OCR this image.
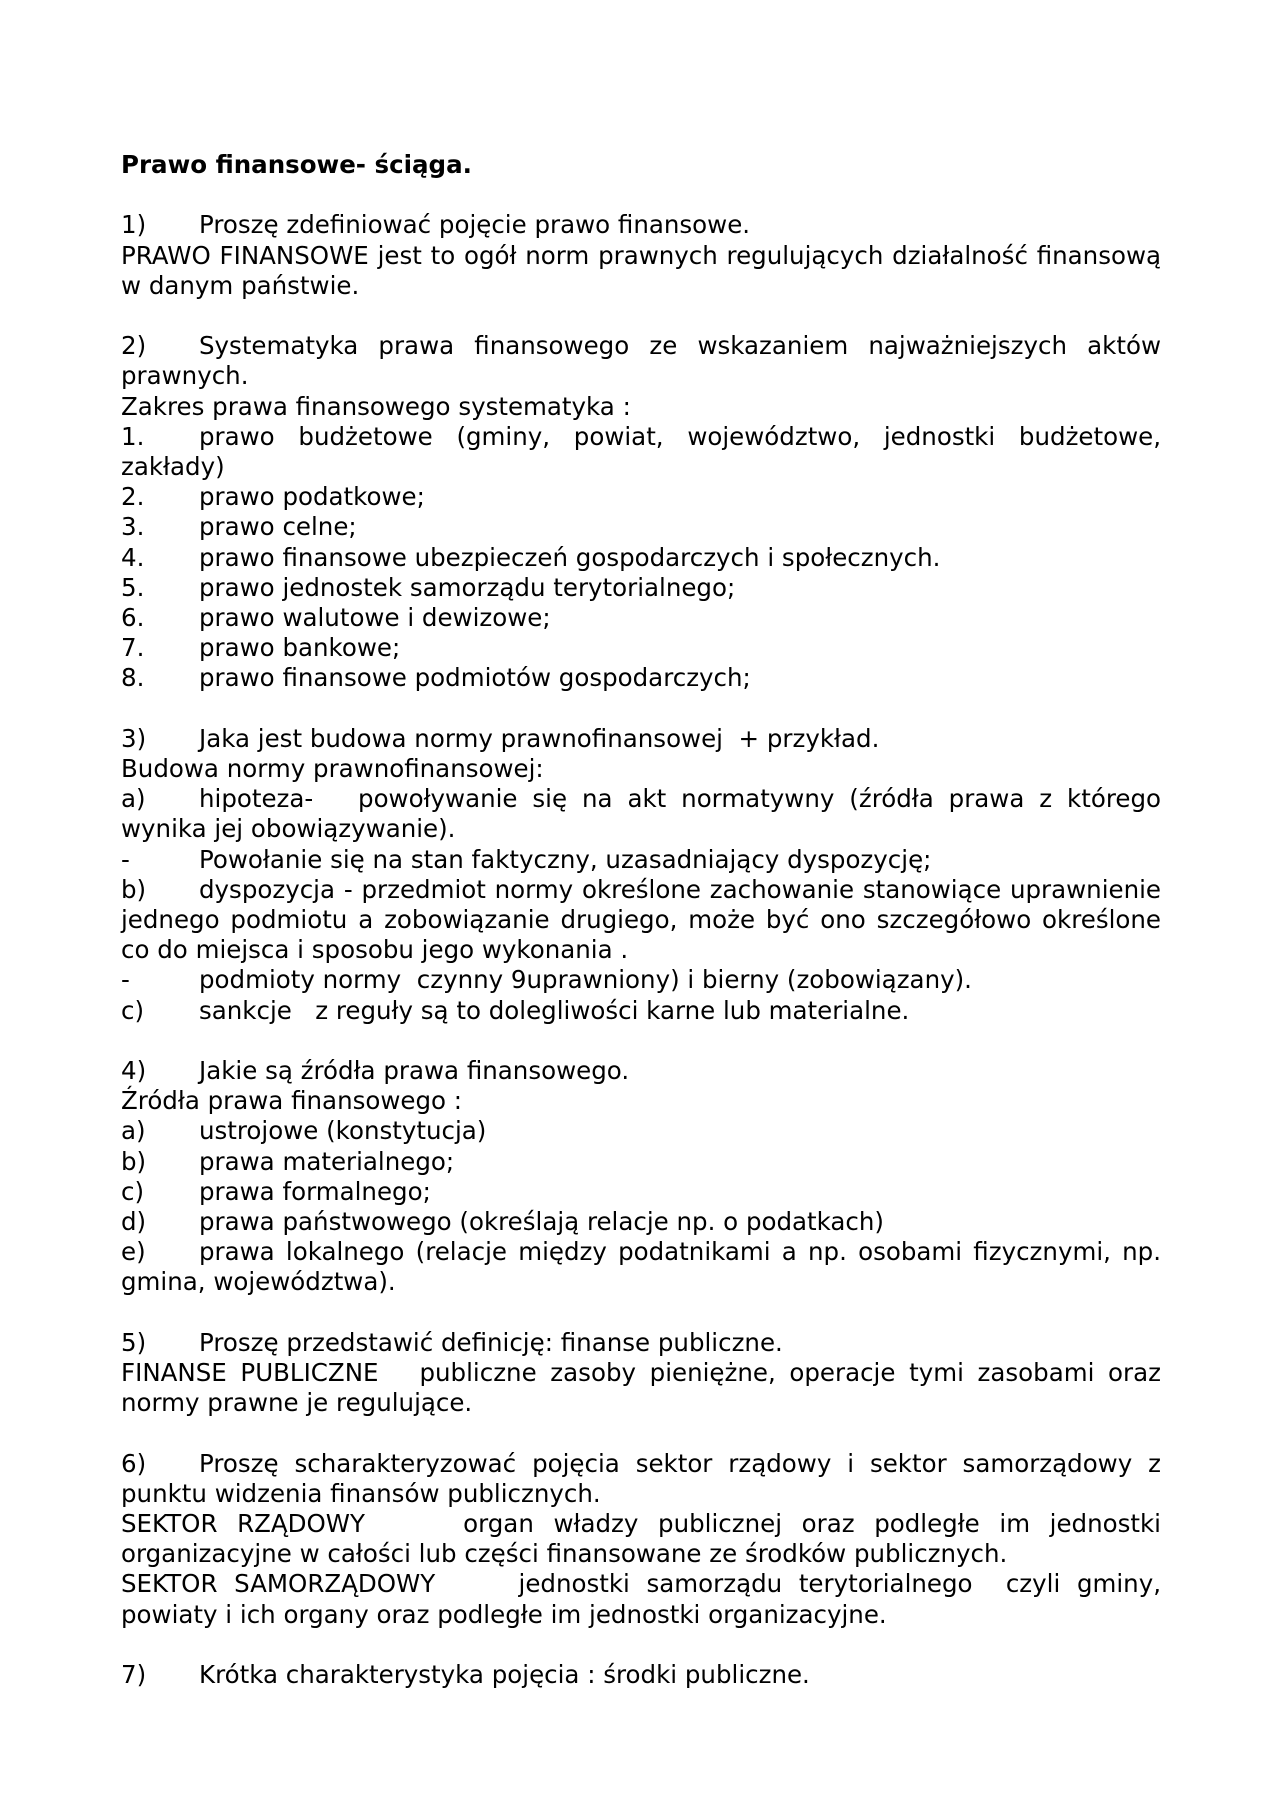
Prawo finansowe- ściąga.
1)	Proszę zdefiniować pojęcie prawo finansowe.
PRAWO FINANSOWE jest to ogół norm prawnych regulujących działalność finansową w danym państwie.
2) Systematyka prawa finansowego ze wskazaniem najważniejszych aktów prawnych.
Zakres prawa finansowego systematyka :
1. prawo budżetowe (gminy, powiat, województwo, jednostki budżetowe, zakłady)
2.	prawo podatkowe;
3.	prawo celne;
4.	prawo finansowe ubezpieczeń gospodarczych i społecznych.
5.	prawo jednostek samorządu terytorialnego;
6.	prawo walutowe i dewizowe;
7.	prawo bankowe;
8.	prawo finansowe podmiotów gospodarczych;
3)	Jaka jest budowa normy prawnofinansowej  + przykład.
Budowa normy prawnofinansowej:
a) hipoteza-   powoływanie się na akt normatywny (źródła prawa z którego wynika jej obowiązywanie).
-	Powołanie się na stan faktyczny, uzasadniający dyspozycję;
b) dyspozycja - przedmiot normy określone zachowanie stanowiące uprawnienie jednego podmiotu a zobowiązanie drugiego, może być ono szczegółowo określone co do miejsca i sposobu jego wykonania .
-	podmioty normy  czynny 9uprawniony) i bierny (zobowiązany).
c)	sankcje   z reguły są to dolegliwości karne lub materialne.
4)	Jakie są źródła prawa finansowego.
Źródła prawa finansowego :
a)	ustrojowe (konstytucja)
b)	prawa materialnego;
c)	prawa formalnego;
d)	prawa państwowego (określają relacje np. o podatkach)
e) prawa lokalnego (relacje między podatnikami a np. osobami fizycznymi, np. gmina, województwa).
5)	Proszę przedstawić definicję: finanse publiczne.
FINANSE PUBLICZNE   publiczne zasoby pieniężne, operacje tymi zasobami oraz normy prawne je regulujące.
6) Proszę scharakteryzować pojęcia sektor rządowy i sektor samorządowy z punktu widzenia finansów publicznych.
SEKTOR RZĄDOWY     organ władzy publicznej oraz podległe im jednostki organizacyjne w całości lub części finansowane ze środków publicznych.
SEKTOR SAMORZĄDOWY     jednostki samorządu terytorialnego  czyli gminy, powiaty i ich organy oraz podległe im jednostki organizacyjne.
7)	Krótka charakterystyka pojęcia : środki publiczne.
